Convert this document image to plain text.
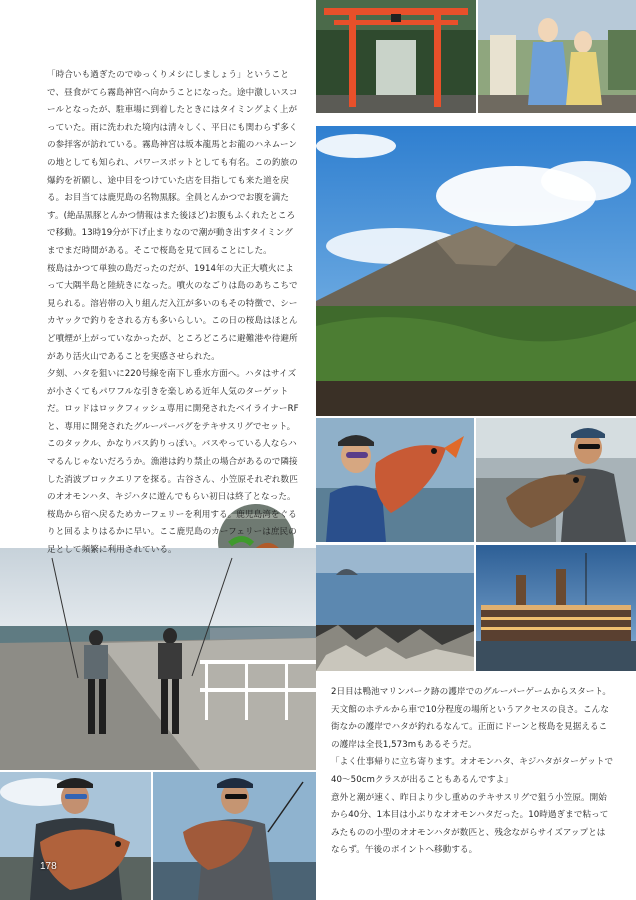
「時合いも過ぎたのでゆっくりメシにしましょう」ということで、昼食がてら霧島神宮へ向かうことになった。途中激しいスコールとなったが、駐車場に到着したときにはタイミングよく上がっていた。雨に洗われた境内は清々しく、平日にも関わらず多くの参拝客が訪れている。霧島神宮は坂本龍馬とお龍のハネムーンの地としても知られ、パワースポットとしても有名。この釣旅の爆釣を祈願し、途中目をつけていた店を目指しても来た道を戻る。お目当ては鹿児島の名物黒豚。全員とんかつでお腹を満たす。(絶品黒豚とんかつ情報はまた後ほど)お腹もふくれたところで移動。13時19分が下げ止まりなので潮が動き出すタイミングまでまだ時間がある。そこで桜島を見て回ることにした。

桜島はかつて単独の島だったのだが、1914年の大正大噴火によって大隅半島と陸続きになった。噴火のなごりは島のあちこちで見られる。溶岩帯の入り組んだ入江が多いのもその特徴で、シーカヤックで釣りをされる方も多いらしい。この日の桜島はほとんど噴煙が上がっていなかったが、ところどころに避難港や待避所があり活火山であることを実感させられた。

夕刻、ハタを狙いに220号線を南下し垂水方面へ。ハタはサイズが小さくてもパワフルな引きを楽しめる近年人気のターゲットだ。ロッドはロックフィッシュ専用に開発されたベイライナーRFと、専用に開発されたグルーパーバグをテキサスリグでセット。このタックル、かなりバス釣りっぽい。バスやっている人ならハマるんじゃないだろうか。漁港は釣り禁止の場合があるので隣接した消波ブロックエリアを探る。古谷さん、小笠原それぞれ数匹のオオモンハタ、キジハタに遊んでもらい初日は終了となった。桜島から宿へ戻るためカーフェリーを利用する。鹿児島湾をぐるりと回るよりはるかに早い。ここ鹿児島のカーフェリーは庶民の足として頻繁に利用されている。

2日目は鴨池マリンパーク跡の護岸でのグルーパーゲームからスタート。天文館のホテルから車で10分程度の場所というアクセスの良さ。こんな街なかの護岸でハタが釣れるなんて。正面にドーンと桜島を見据えるこの護岸は全長1,573mもあるそうだ。

「よく仕事帰りに立ち寄ります。オオモンハタ、キジハタがターゲットで40～50cmクラスが出ることもあるんですよ」

意外と潮が速く、昨日より少し重めのテキサスリグで狙う小笠原。開始から40分、1本目は小ぶりなオオモンハタだった。10時過ぎまで粘ってみたものの小型のオオモンハタが数匹と、残念ながらサイズアップとはならず。午後のポイントへ移動する。

178
